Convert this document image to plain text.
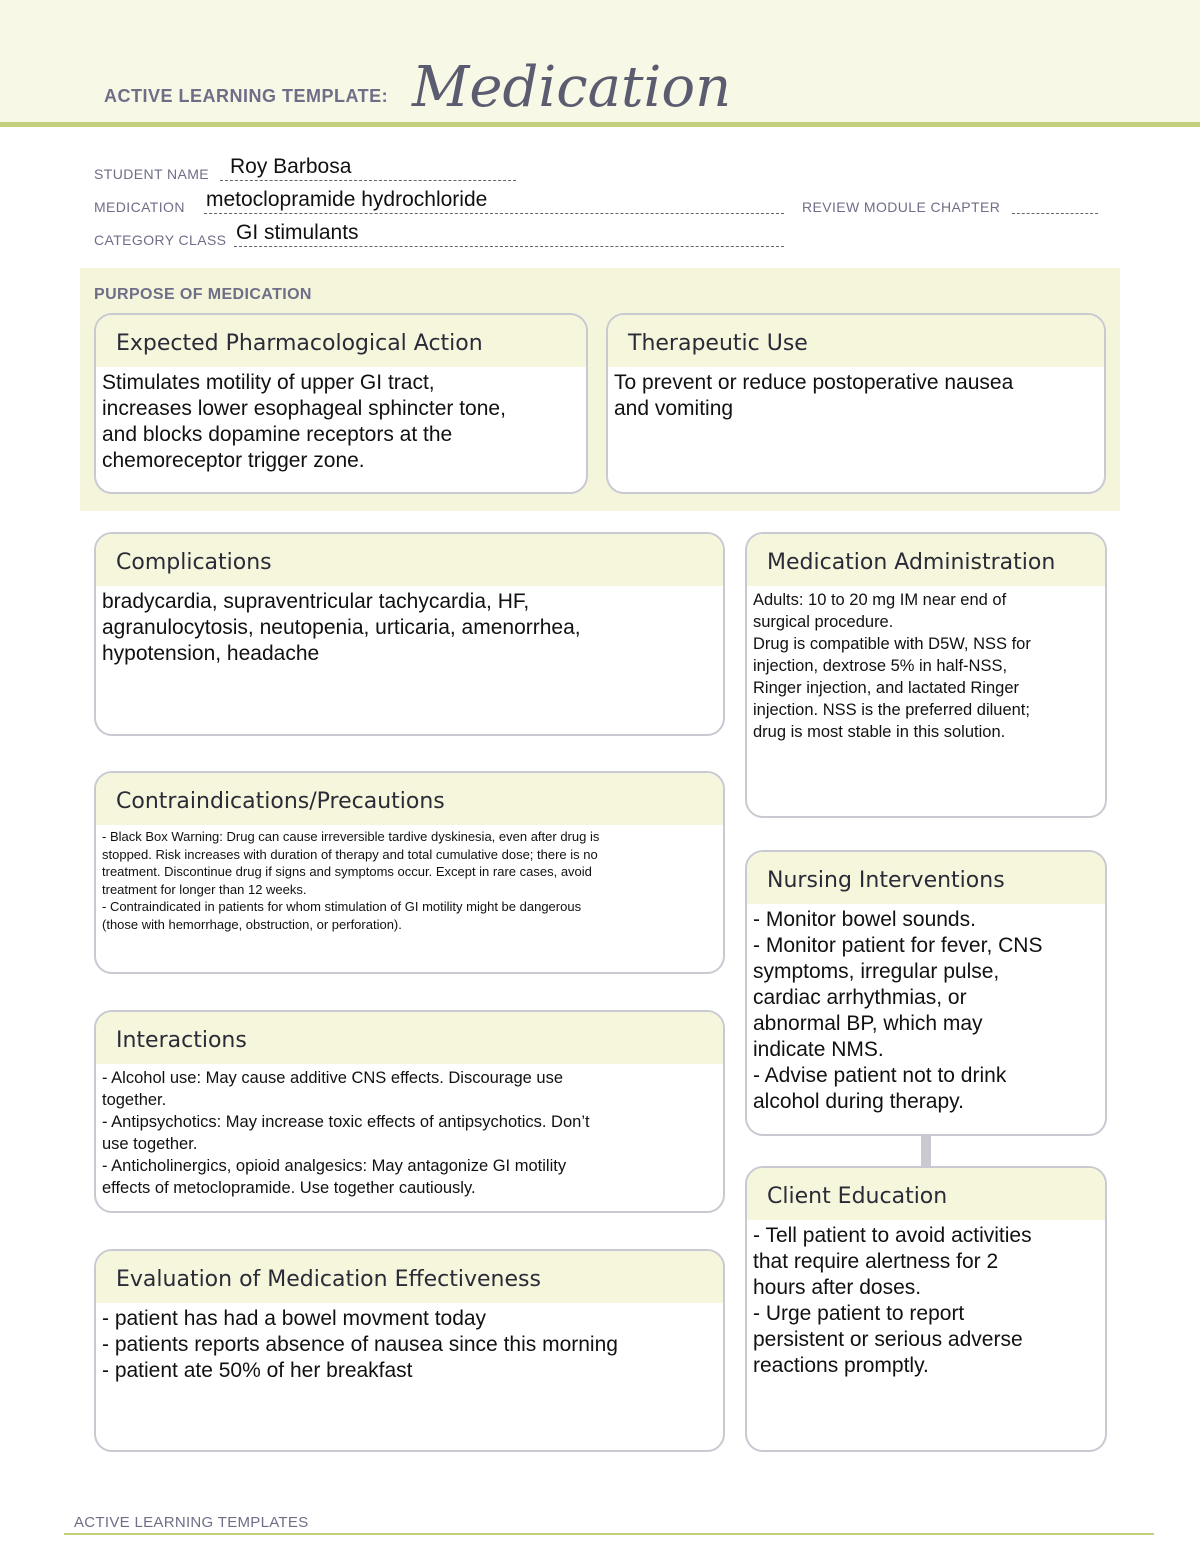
ACTIVE LEARNING TEMPLATE: Medication
STUDENT NAME Roy Barbosa
MEDICATION metoclopramide hydrochloride	REVIEW MODULE CHAPTER
CATEGORY CLASS GI stimulants
PURPOSE OF MEDICATION
Expected Pharmacological Action
Stimulates motility of upper GI tract,
increases lower esophageal sphincter tone,
and blocks dopamine receptors at the
chemoreceptor trigger zone.
Therapeutic Use
To prevent or reduce postoperative nausea
and vomiting
Complications
bradycardia, supraventricular tachycardia, HF,
agranulocytosis, neutopenia, urticaria, amenorrhea,
hypotension, headache
Medication Administration
Adults: 10 to 20 mg IM near end of
surgical procedure.
Drug is compatible with D5W, NSS for
injection, dextrose 5% in half-NSS,
Ringer injection, and lactated Ringer
injection. NSS is the preferred diluent;
drug is most stable in this solution.
Contraindications/Precautions
- Black Box Warning: Drug can cause irreversible tardive dyskinesia, even after drug is
stopped. Risk increases with duration of therapy and total cumulative dose; there is no
treatment. Discontinue drug if signs and symptoms occur. Except in rare cases, avoid
treatment for longer than 12 weeks.
- Contraindicated in patients for whom stimulation of GI motility might be dangerous
(those with hemorrhage, obstruction, or perforation).
Nursing Interventions
- Monitor bowel sounds.
- Monitor patient for fever, CNS
symptoms, irregular pulse,
cardiac arrhythmias, or
abnormal BP, which may
indicate NMS.
- Advise patient not to drink
alcohol during therapy.
Interactions
- Alcohol use: May cause additive CNS effects. Discourage use
together.
- Antipsychotics: May increase toxic effects of antipsychotics. Don’t
use together.
- Anticholinergics, opioid analgesics: May antagonize GI motility
effects of metoclopramide. Use together cautiously.	Client Education
- Tell patient to avoid activities
that require alertness for 2
hours after doses.
- Urge patient to report
persistent or serious adverse
reactions promptly.
Evaluation of Medication Effectiveness
- patient has had a bowel movment today
- patients reports absence of nausea since this morning
- patient ate 50% of her breakfast
ACTIVE LEARNING TEMPLATES
